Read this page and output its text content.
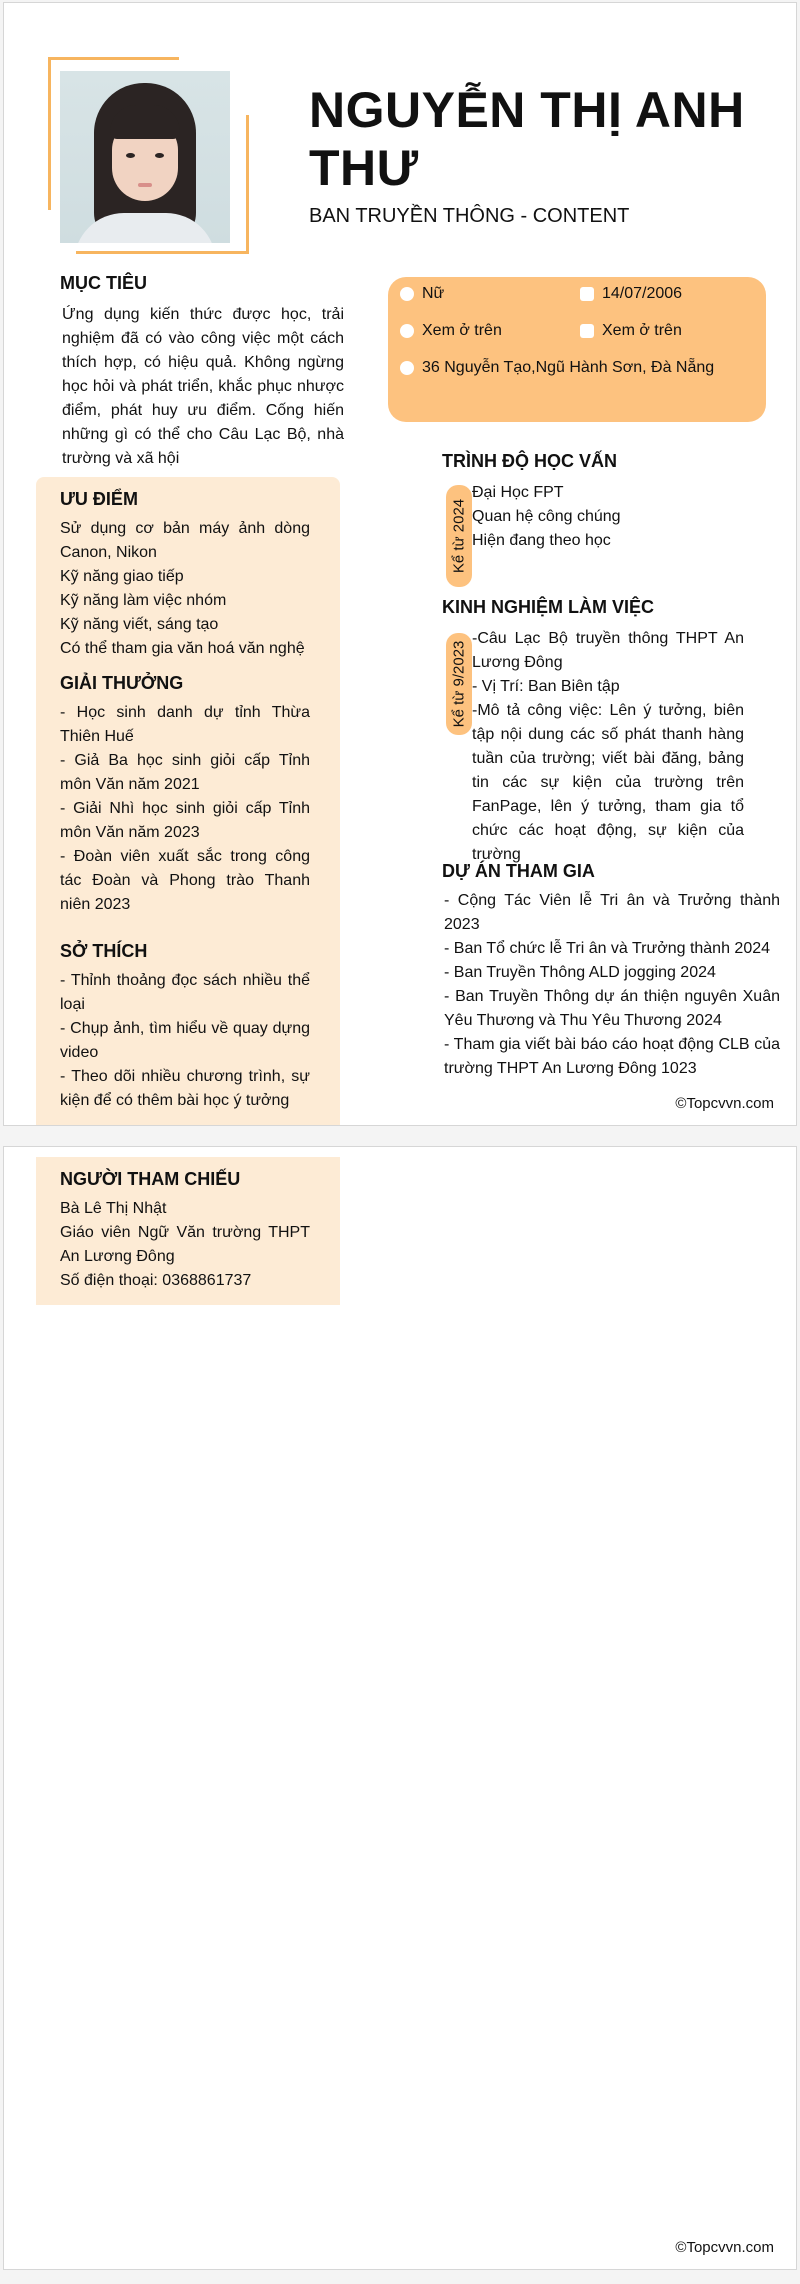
NGUYỄN THỊ ANH THƯ
BAN TRUYỀN THÔNG - CONTENT
MỤC TIÊU
Ứng dụng kiến thức được học, trải nghiệm đã có vào công việc một cách thích hợp, có hiệu quả. Không ngừng học hỏi và phát triển, khắc phục nhược điểm, phát huy ưu điểm. Cống hiến những gì có thể cho Câu Lạc Bộ, nhà trường và xã hội
Nữ	14/07/2006
Xem ở trên	Xem ở trên
36 Nguyễn Tạo,Ngũ Hành Sơn, Đà Nẵng
ƯU ĐIỂM
Sử dụng cơ bản máy ảnh dòng Canon, Nikon
Kỹ năng giao tiếp
Kỹ năng làm việc nhóm
Kỹ năng viết, sáng tạo
Có thể tham gia văn hoá văn nghệ
GIẢI THƯỞNG
- Học sinh danh dự tỉnh Thừa Thiên Huế
- Giả Ba học sinh giỏi cấp Tỉnh môn Văn năm 2021
- Giải Nhì học sinh giỏi cấp Tỉnh môn Văn năm 2023
- Đoàn viên xuất sắc trong công tác Đoàn và Phong trào Thanh niên 2023
SỞ THÍCH
- Thỉnh thoảng đọc sách nhiều thể loại
- Chụp ảnh, tìm hiểu về quay dựng video
- Theo dõi nhiều chương trình, sự kiện để có thêm bài học ý tưởng
TRÌNH ĐỘ HỌC VẤN
Kể từ 2024
Đại Học FPT
Quan hệ công chúng
Hiện đang theo học
KINH NGHIỆM LÀM VIỆC
Kể từ 9/2023
-Câu Lạc Bộ truyền thông THPT An Lương Đông
- Vị Trí: Ban Biên tập
-Mô tả công việc: Lên ý tưởng, biên tập nội dung các số phát thanh hàng tuần của trường; viết bài đăng, bảng tin các sự kiện của trường trên FanPage, lên ý tưởng, tham gia tổ chức các hoạt động, sự kiện của trường
DỰ ÁN THAM GIA
- Cộng Tác Viên lễ Tri ân và Trưởng thành 2023
- Ban Tổ chức lễ Tri ân và Trưởng thành 2024
- Ban Truyền Thông ALD jogging 2024
- Ban Truyền Thông dự án thiện nguyên Xuân Yêu Thương và Thu Yêu Thương 2024
- Tham gia viết bài báo cáo hoạt động CLB của trường THPT An Lương Đông 1023
©Topcvvn.com
NGƯỜI THAM CHIẾU
Bà Lê Thị Nhật
Giáo viên Ngữ Văn trường THPT An Lương Đông
Số điện thoại: 0368861737
©Topcvvn.com
